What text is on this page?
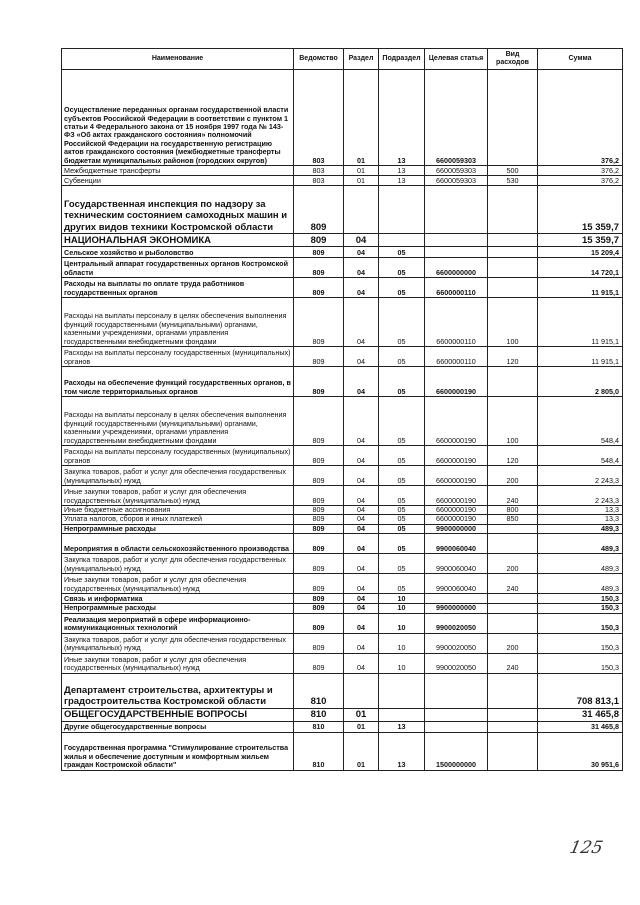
Наименование	Ведомство	Раздел	Подраздел	Целевая статья	Вид расходов	Сумма
Осуществление переданных органам государственной власти субъектов Российской Федерации в соответствии с пунктом 1 статьи 4 Федерального закона от 15 ноября 1997 года № 143-ФЗ «Об актах гражданского состояния» полномочий Российской Федерации на государственную регистрацию актов гражданского состояния (межбюджетные трансферты бюджетам муниципальных районов (городских округов)	803	01	13	6600059303		376,2
Межбюджетные трансферты	803	01	13	6600059303	500	376,2
Субвенции	803	01	13	6600059303	530	376,2
Государственная инспекция по надзору за техническим состоянием самоходных машин и других видов техники Костромской области	809					15 359,7
НАЦИОНАЛЬНАЯ ЭКОНОМИКА	809	04				15 359,7
Сельское хозяйство и рыболовство	809	04	05			15 209,4
Центральный аппарат государственных органов Костромской области	809	04	05	6600000000		14 720,1
Расходы на выплаты по оплате труда работников государственных органов	809	04	05	6600000110		11 915,1
Расходы на выплаты персоналу в целях обеспечения выполнения функций государственными (муниципальными) органами, казенными учреждениями, органами управления государственными внебюджетными фондами	809	04	05	6600000110	100	11 915,1
Расходы на выплаты персоналу государственных (муниципальных) органов	809	04	05	6600000110	120	11 915,1
Расходы на обеспечение функций государственных органов, в том числе территориальных органов	809	04	05	6600000190		2 805,0
Расходы на выплаты персоналу в целях обеспечения выполнения функций государственными (муниципальными) органами, казенными учреждениями, органами управления государственными внебюджетными фондами	809	04	05	6600000190	100	548,4
Расходы на выплаты персоналу государственных (муниципальных) органов	809	04	05	6600000190	120	548,4
Закупка товаров, работ и услуг для обеспечения государственных (муниципальных) нужд	809	04	05	6600000190	200	2 243,3
Иные закупки товаров, работ и услуг для обеспечения государственных (муниципальных) нужд	809	04	05	6600000190	240	2 243,3
Иные бюджетные ассигнования	809	04	05	6600000190	800	13,3
Уплата налогов, сборов и иных платежей	809	04	05	6600000190	850	13,3
Непрограммные расходы	809	04	05	9900000000		489,3
Мероприятия в области сельскохозяйственного производства	809	04	05	9900060040		489,3
Закупка товаров, работ и услуг для обеспечения государственных (муниципальных) нужд	809	04	05	9900060040	200	489,3
Иные закупки товаров, работ и услуг для обеспечения государственных (муниципальных) нужд	809	04	05	9900060040	240	489,3
Связь и информатика	809	04	10			150,3
Непрограммные расходы	809	04	10	9900000000		150,3
Реализация мероприятий в сфере информационно-коммуникационных технологий	809	04	10	9900020050		150,3
Закупка товаров, работ и услуг для обеспечения государственных (муниципальных) нужд	809	04	10	9900020050	200	150,3
Иные закупки товаров, работ и услуг для обеспечения государственных (муниципальных) нужд	809	04	10	9900020050	240	150,3
Департамент строительства, архитектуры и градостроительства Костромской области	810					708 813,1
ОБЩЕГОСУДАРСТВЕННЫЕ ВОПРОСЫ	810	01				31 465,8
Другие общегосударственные вопросы	810	01	13			31 465,8
Государственная программа "Стимулирование строительства жилья и обеспечение доступным и комфортным жильем граждан Костромской области"	810	01	13	1500000000		30 951,6
125
